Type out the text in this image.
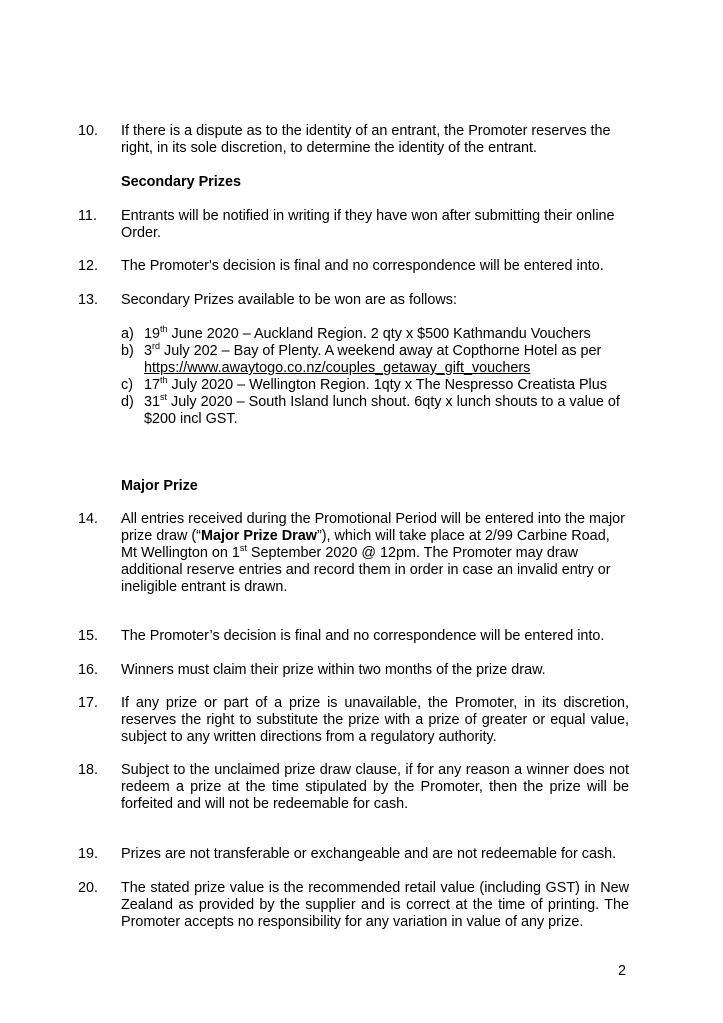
10. If there is a dispute as to the identity of an entrant, the Promoter reserves the right, in its sole discretion, to determine the identity of the entrant.
Secondary Prizes
11. Entrants will be notified in writing if they have won after submitting their online Order.
12. The Promoter's decision is final and no correspondence will be entered into.
13. Secondary Prizes available to be won are as follows:
a) 19th June 2020 – Auckland Region. 2 qty x $500 Kathmandu Vouchers
b) 3rd July 202 – Bay of Plenty. A weekend away at Copthorne Hotel as per
https://www.awaytogo.co.nz/couples_getaway_gift_vouchers
c) 17th July 2020 – Wellington Region. 1qty x The Nespresso Creatista Plus
d) 31st July 2020 – South Island lunch shout. 6qty x lunch shouts to a value of $200 incl GST.
Major Prize
14. All entries received during the Promotional Period will be entered into the major prize draw (“Major Prize Draw”), which will take place at 2/99 Carbine Road, Mt Wellington on 1st September 2020 @ 12pm. The Promoter may draw additional reserve entries and record them in order in case an invalid entry or ineligible entrant is drawn.
15. The Promoter’s decision is final and no correspondence will be entered into.
16. Winners must claim their prize within two months of the prize draw.
17. If any prize or part of a prize is unavailable, the Promoter, in its discretion, reserves the right to substitute the prize with a prize of greater or equal value, subject to any written directions from a regulatory authority.
18. Subject to the unclaimed prize draw clause, if for any reason a winner does not redeem a prize at the time stipulated by the Promoter, then the prize will be forfeited and will not be redeemable for cash.
19. Prizes are not transferable or exchangeable and are not redeemable for cash.
20. The stated prize value is the recommended retail value (including GST) in New Zealand as provided by the supplier and is correct at the time of printing. The Promoter accepts no responsibility for any variation in value of any prize.
2
